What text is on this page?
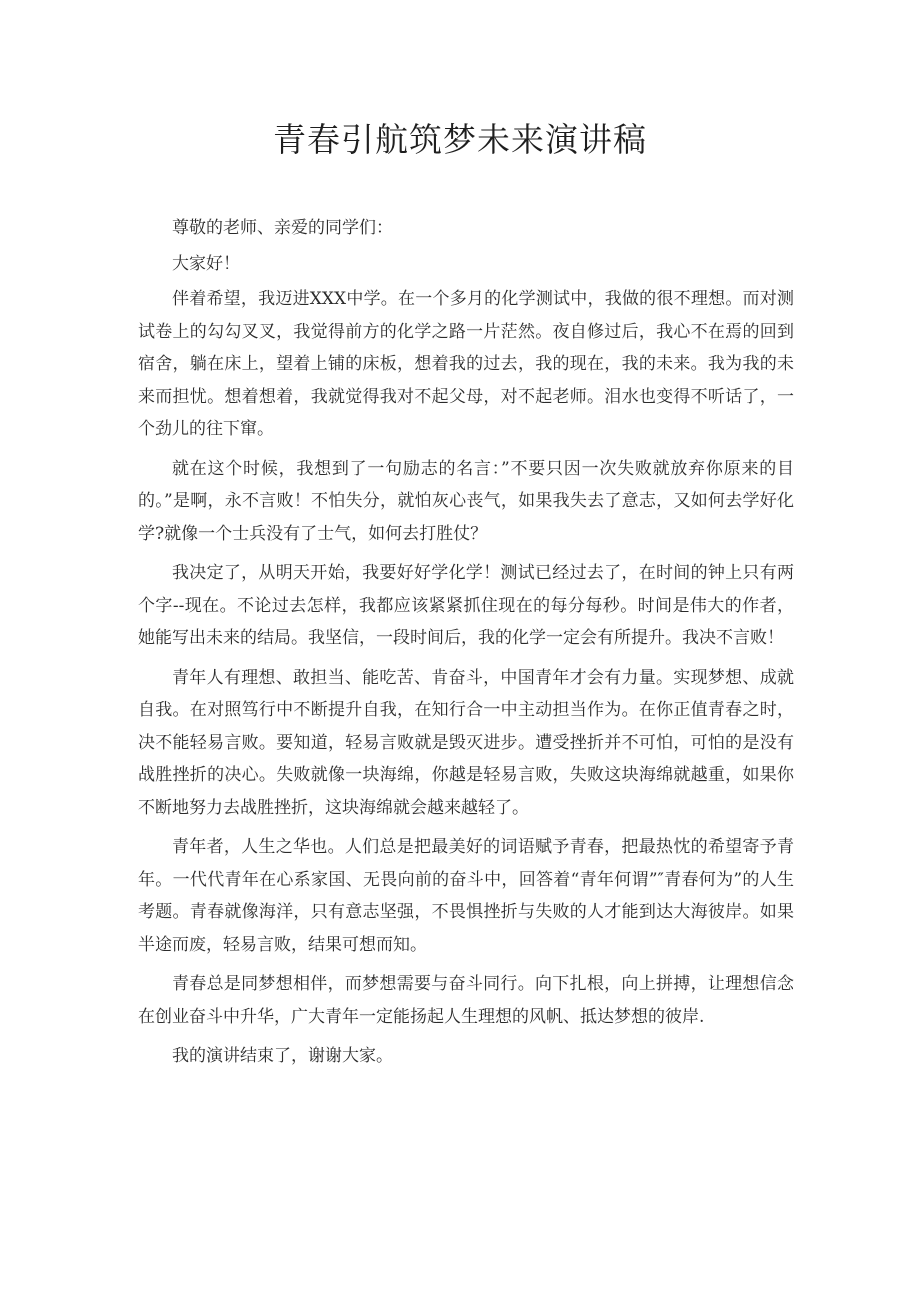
青春引航筑梦未来演讲稿

尊敬的老师、亲爱的同学们：

大家好！

伴着希望，我迈进XXX中学。在一个多月的化学测试中，我做的很不理想。而对测试卷上的勾勾叉叉，我觉得前方的化学之路一片茫然。夜自修过后，我心不在焉的回到宿舍，躺在床上，望着上铺的床板，想着我的过去，我的现在，我的未来。我为我的未来而担忧。想着想着，我就觉得我对不起父母，对不起老师。泪水也变得不听话了，一个劲儿的往下窜。

就在这个时候，我想到了一句励志的名言：”不要只因一次失败就放弃你原来的目的。”是啊，永不言败！不怕失分，就怕灰心丧气，如果我失去了意志，又如何去学好化学?就像一个士兵没有了士气，如何去打胜仗？

我决定了，从明天开始，我要好好学化学！测试已经过去了，在时间的钟上只有两个字--现在。不论过去怎样，我都应该紧紧抓住现在的每分每秒。时间是伟大的作者，她能写出未来的结局。我坚信，一段时间后，我的化学一定会有所提升。我决不言败！

青年人有理想、敢担当、能吃苦、肯奋斗，中国青年才会有力量。实现梦想、成就自我。在对照笃行中不断提升自我，在知行合一中主动担当作为。在你正值青春之时，决不能轻易言败。要知道，轻易言败就是毁灭进步。遭受挫折并不可怕，可怕的是没有战胜挫折的决心。失败就像一块海绵，你越是轻易言败，失败这块海绵就越重，如果你不断地努力去战胜挫折，这块海绵就会越来越轻了。

青年者，人生之华也。人们总是把最美好的词语赋予青春，把最热忱的希望寄予青年。一代代青年在心系家国、无畏向前的奋斗中，回答着“青年何谓”″青春何为”的人生考题。青春就像海洋，只有意志坚强，不畏惧挫折与失败的人才能到达大海彼岸。如果半途而废，轻易言败，结果可想而知。

青春总是同梦想相伴，而梦想需要与奋斗同行。向下扎根，向上拼搏，让理想信念在创业奋斗中升华，广大青年一定能扬起人生理想的风帆、抵达梦想的彼岸.

我的演讲结束了，谢谢大家。
